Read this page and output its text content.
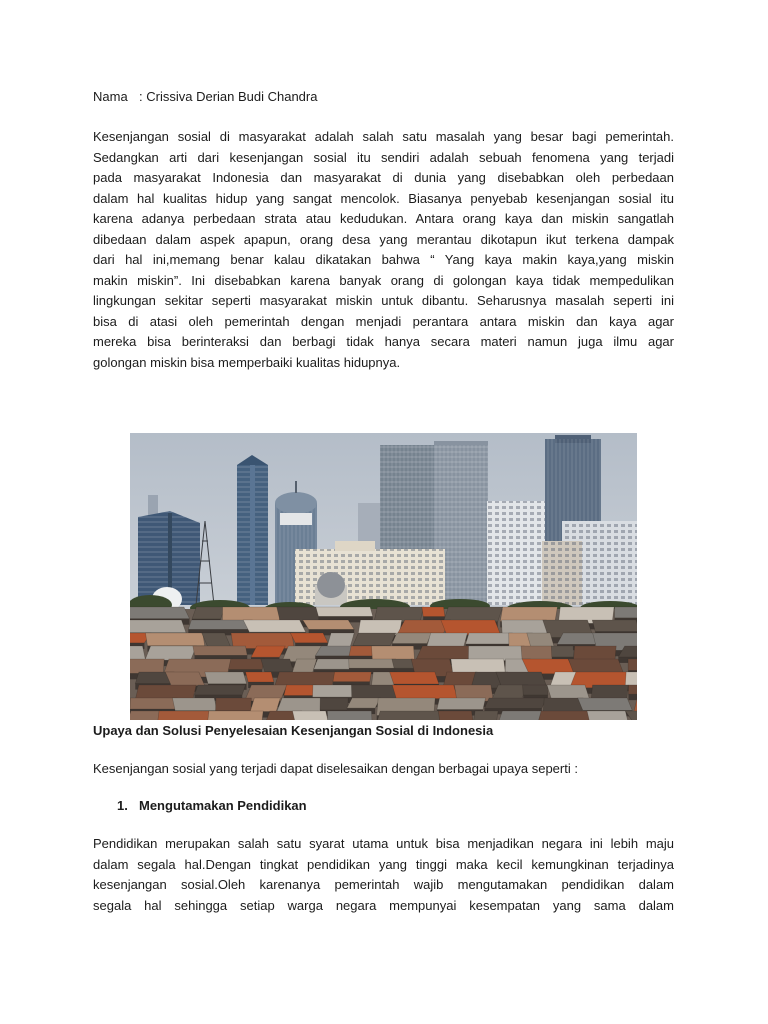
Nama : Crissiva Derian Budi Chandra
Kesenjangan sosial di masyarakat adalah salah satu masalah yang besar bagi pemerintah.
Sedangkan arti dari kesenjangan sosial itu sendiri adalah sebuah fenomena yang terjadi
pada masyarakat Indonesia dan masyarakat di dunia yang disebabkan oleh perbedaan
dalam hal kualitas hidup yang sangat mencolok. Biasanya penyebab kesenjangan sosial itu
karena adanya perbedaan strata atau kedudukan. Antara orang kaya dan miskin sangatlah
dibedaan dalam aspek apapun, orang desa yang merantau dikotapun ikut terkena dampak
dari hal ini,memang benar kalau dikatakan bahwa “ Yang kaya makin kaya,yang miskin
makin miskin”. Ini disebabkan karena banyak orang di golongan kaya tidak mempedulikan
lingkungan sekitar seperti masyarakat miskin untuk dibantu. Seharusnya masalah seperti ini
bisa di atasi oleh pemerintah dengan menjadi perantara antara miskin dan kaya agar
mereka bisa berinteraksi dan berbagi tidak hanya secara materi namun juga ilmu agar
golongan miskin bisa memperbaiki kualitas hidupnya.
Upaya dan Solusi Penyelesaian Kesenjangan Sosial di Indonesia
Kesenjangan sosial yang terjadi dapat diselesaikan dengan berbagai upaya seperti :
1. Mengutamakan Pendidikan
Pendidikan merupakan salah satu syarat utama untuk bisa menjadikan negara ini lebih maju
dalam segala hal.Dengan tingkat pendidikan yang tinggi maka kecil kemungkinan terjadinya
kesenjangan sosial.Oleh karenanya pemerintah wajib mengutamakan pendidikan dalam
segala hal sehingga setiap warga negara mempunyai kesempatan yang sama dalam
